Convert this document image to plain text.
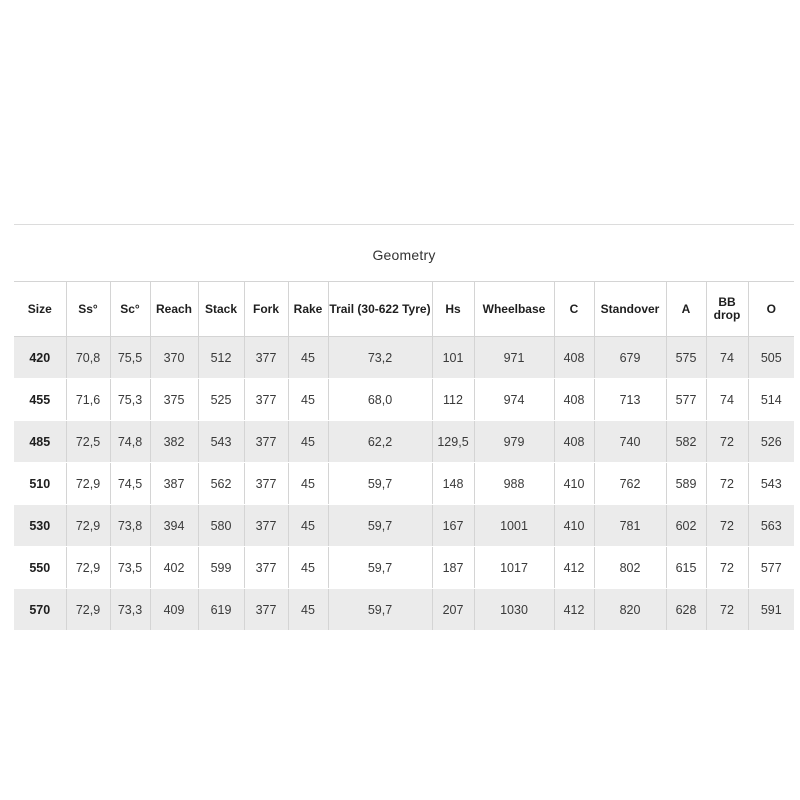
Geometry
Size	Ss°	Sc°	Reach	Stack	Fork	Rake	Trail (30-622 Tyre)	Hs	Wheelbase	C	Standover	A	BB drop	O
420	70,8	75,5	370	512	377	45	73,2	101	971	408	679	575	74	505
455	71,6	75,3	375	525	377	45	68,0	112	974	408	713	577	74	514
485	72,5	74,8	382	543	377	45	62,2	129,5	979	408	740	582	72	526
510	72,9	74,5	387	562	377	45	59,7	148	988	410	762	589	72	543
530	72,9	73,8	394	580	377	45	59,7	167	1001	410	781	602	72	563
550	72,9	73,5	402	599	377	45	59,7	187	1017	412	802	615	72	577
570	72,9	73,3	409	619	377	45	59,7	207	1030	412	820	628	72	591
